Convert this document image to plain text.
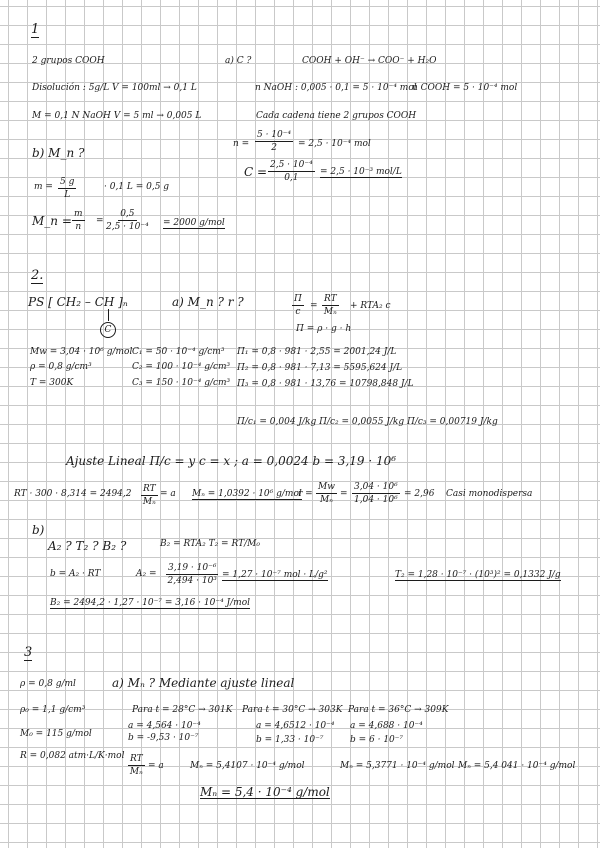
1
2 grupos COOH
Disolución : 5g/L V = 100ml → 0,1 L
M = 0,1 N NaOH V = 5 ml → 0,005 L
a) C ?	COOH + OH⁻ → COO⁻ + H₂O
n NaOH : 0,005 · 0,1 = 5 · 10⁻⁴ mol
n COOH = 5 · 10⁻⁴ mol
Cada cadena tiene 2 grupos COOH
b) M_n ?
$n = \frac{\text{5 · 10⁻⁴}}{2} = 2,5 \cdot 10^{-4}$ mol
$C = \frac{\text{2,5 · 10⁻⁴}}{0,1} = 2,5 \cdot 10^{-3}$ mol/L
$m = \frac{5 g}{L}$	· 0,1 L = 0,5 g
M_n = $\frac{m}{n} = \frac{0,5}{\text{2,5 · 10⁻⁴}} = 2000$ g/mol
2.
PS [ CH₂ – CH ]ₙ
C
a) M_n ? r ?	$\frac{\Pi}{c} = \frac{RT}{\text{Mₙ}} + RTA_2$ c
Π = ρ · g · h
Mw = 3,04 · 10⁶ g/mol
ρ = 0,8 g/cm³
T = 300K
C₁ = 50 · 10⁻⁴ g/cm³
C₂ = 100 · 10⁻⁴ g/cm³
C₃ = 150 · 10⁻⁴ g/cm³
Π₁ = 0,8 · 981 · 2,55 = 2001,24 J/L
Π₂ = 0,8 · 981 · 7,13 = 5595,624 J/L
Π₃ = 0,8 · 981 · 13,76 = 10798,848 J/L
Π/c₁ = 0,004 J/kg Π/c₂ = 0,0055 J/kg Π/c₃ = 0,00719 J/kg
Ajuste Lineal Π/c = y c = x ; a = 0,0024 b = 3,19 · 10⁶
RT · $300 \cdot 8,314 = 2494,2 \frac{RT}{\text{Mₙ}} = a$ Mₙ = 1,0392 · 10⁶ g/mol
$r = \frac{Mw}{\text{Mₙ}} = \frac{\text{3,04 · 10⁶}}{\text{1,04 · 10⁶}} = 2,96$ Casi monodispersa
b)
A₂ ? T₂ ? B₂ ?	B₂ = RTA₂ T₂ = RT/M₀
b = A₂ · RT	$A_2 = \frac{\text{3,19 · 10⁻⁶}}{\text{2,494 · 10³}} = 1,27 \cdot 10^{-7}$ mol · L/g²	T₂ = 1,28 · 10⁻⁷ · (10³)² = 0,1332 J/g
B₂ = 2494,2 · 1,27 · 10⁻⁷ = 3,16 · 10⁻⁴ J/mol
3
ρ = 0,8 g/ml	a) Mₙ ? Mediante ajuste lineal
ρ₀ = 1,1 g/cm³
M₀ = 115 g/mol
R = 0,082 atm·L/K·mol
Para t = 28°C → 301K Para t = 30°C → 303K Para t = 36°C → 309K
a = 4,564 · 10⁻⁴
b = -9,53 · 10⁻⁷
a = 4,6512 · 10⁻⁴
b = 1,33 · 10⁻⁷
a = 4,688 · 10⁻⁴
b = 6 · 10⁻⁷
$\frac{RT}{\text{Mₙ}} = a$	Mₙ = 5,4107 · 10⁻⁴ g/mol	Mₙ = 5,3771 · 10⁻⁴ g/mol Mₙ = 5,4 041 · 10⁻⁴ g/mol
Mₙ = 5,4 · 10⁻⁴ g/mol
